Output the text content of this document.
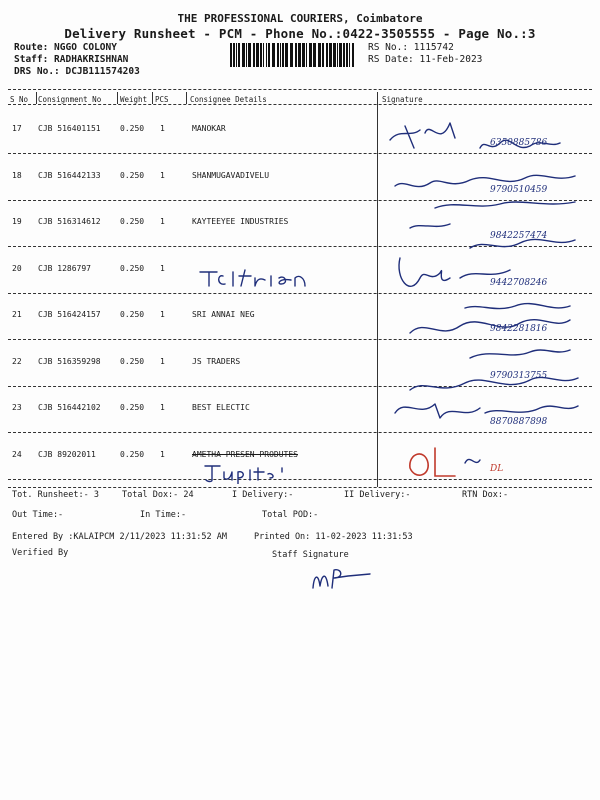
THE PROFESSIONAL COURIERS, Coimbatore
Delivery Runsheet - PCM - Phone No.:0422-3505555 - Page No.:3
Route: NGGO COLONY
Staff: RADHAKRISHNAN
DRS No.: DCJB111574203
RS No.: 1115742
RS Date: 11-Feb-2023
S No Consignment No	Weight PCS	Consignee Details	Signature
17 CJB 516401151 0.250 1	MANOKAR
6350885786
18 CJB 516442133 0.250 1	SHANMUGAVADIVELU
9790510459
19 CJB 516314612 0.250 1	KAYTEEYEE INDUSTRIES
9842257474
20 CJB 1286797	0.250 1
9442708246
21 CJB 516424157 0.250 1	SRI ANNAI NEG
9842281816
22 CJB 516359298 0.250 1	JS TRADERS
9790313755
23 CJB 516442102 0.250 1	BEST ELECTIC
8870887898
24 CJB 89202011	0.250 1	AMETHA PRESEN PRODUTES
DL
Tot. Runsheet:- 3	Total Dox:- 24	I Delivery:-	II Delivery:-	RTN Dox:-
Out Time:-	In Time:-	Total POD:-
Entered By :KALAIPCM 2/11/2023 11:31:52 AM	Printed On: 11-02-2023 11:31:53
Verified By	Staff Signature
